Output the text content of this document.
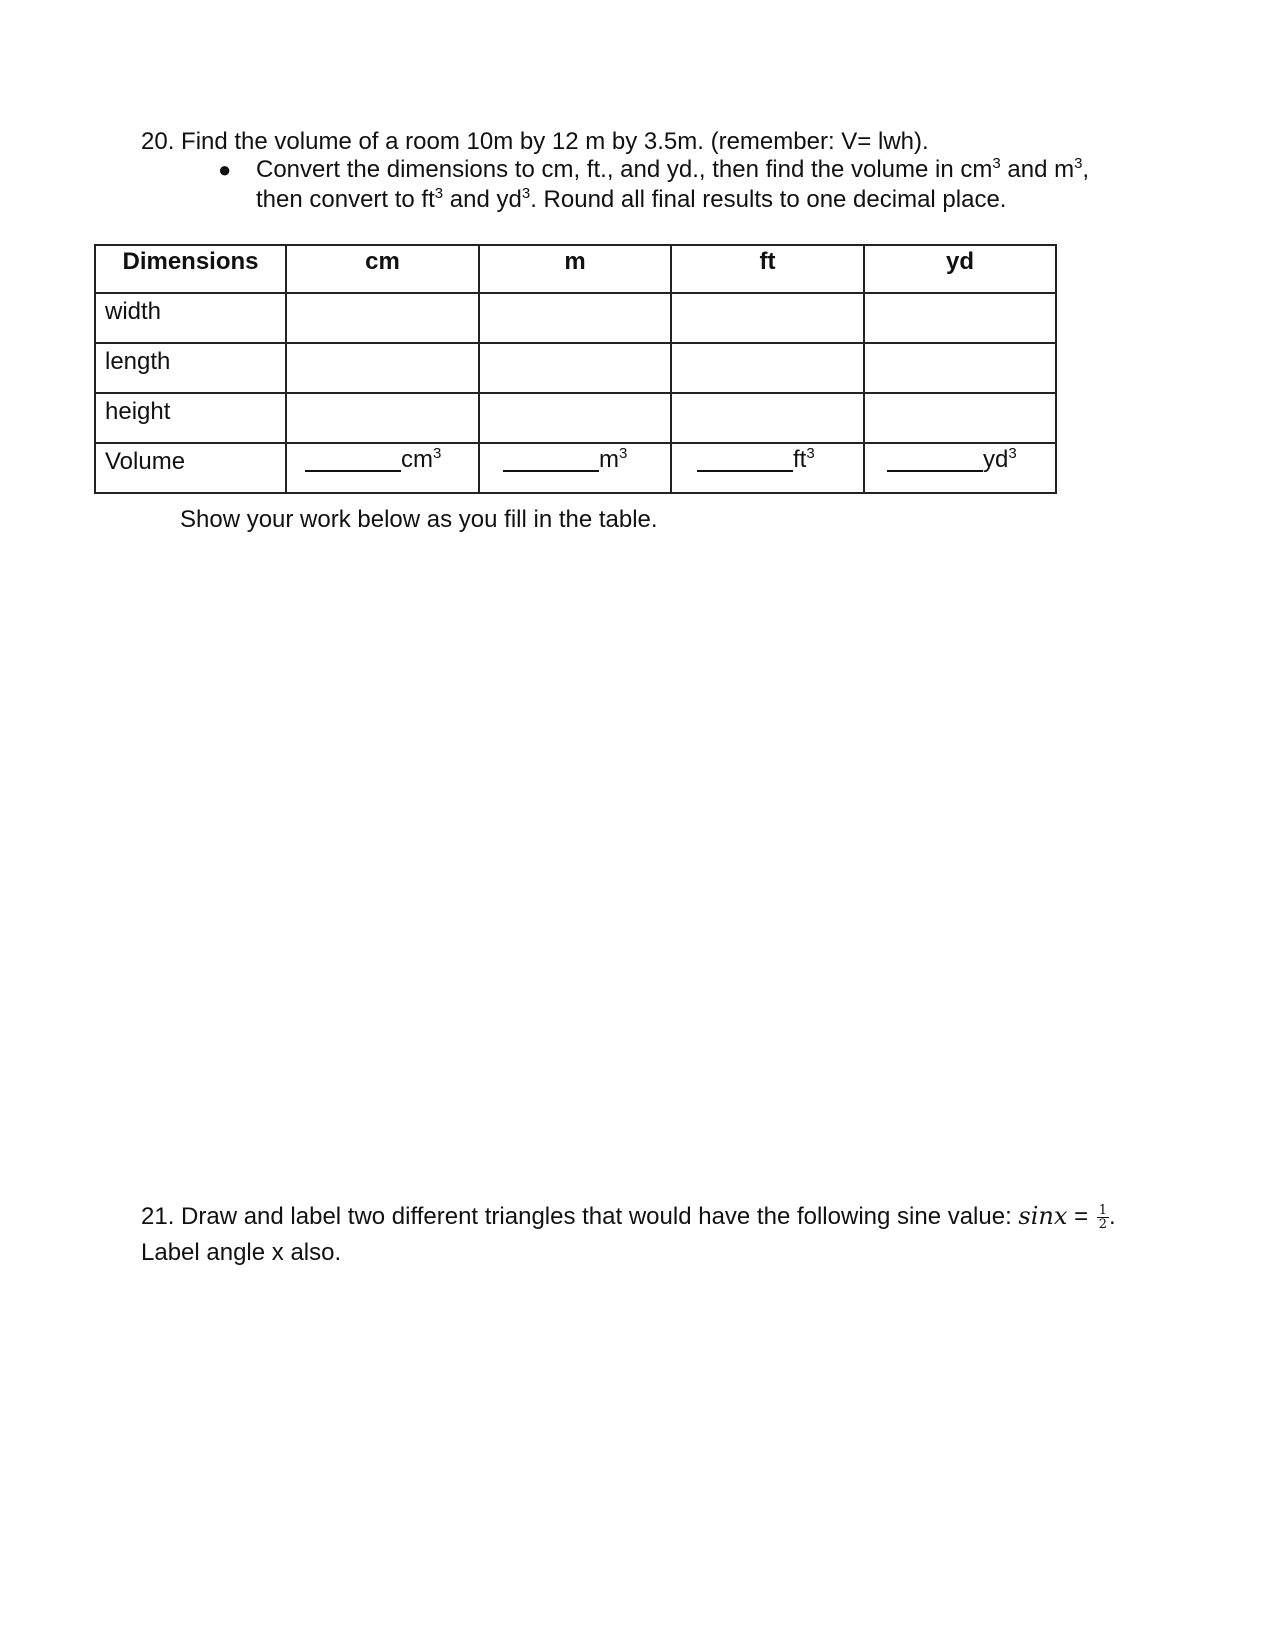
20. Find the volume of a room 10m by 12 m by 3.5m. (remember: V= lwh).
● Convert the dimensions to cm, ft., and yd., then find the volume in $cm^3$ and $m^3$,
then convert to $ft^3$ and $yd^3$. Round all final results to one decimal place.
Dimensions	cm	m	ft	yd
width				
length				
height				
Volume	$cm^3$	$m^3$	$ft^3$	$yd^3$
Show your work below as you fill in the table.
21. Draw and label two different triangles that would have the following sine value: $\sin x = \frac{1}{2}$ .
Label angle x also.
